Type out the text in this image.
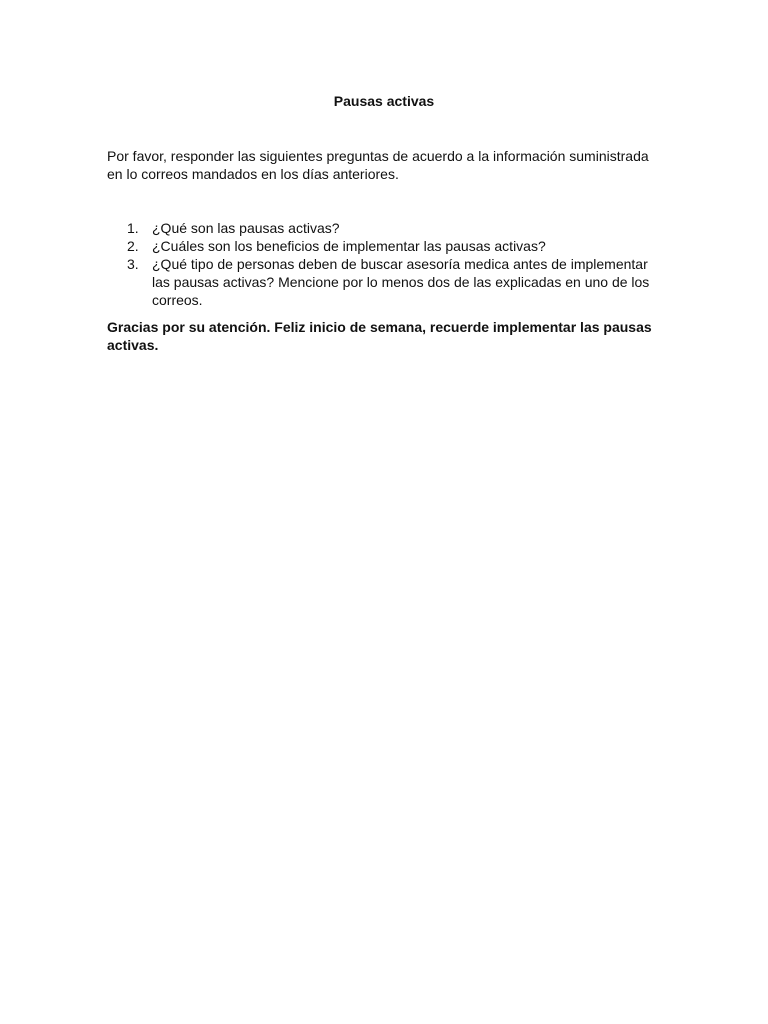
Pausas activas

Por favor, responder las siguientes preguntas de acuerdo a la información suministrada en lo correos mandados en los días anteriores.

1. ¿Qué son las pausas activas?
2. ¿Cuáles son los beneficios de implementar las pausas activas?
3. ¿Qué tipo de personas deben de buscar asesoría medica antes de implementar las pausas activas? Mencione por lo menos dos de las explicadas en uno de los correos.

Gracias por su atención. Feliz inicio de semana, recuerde implementar las pausas activas.
